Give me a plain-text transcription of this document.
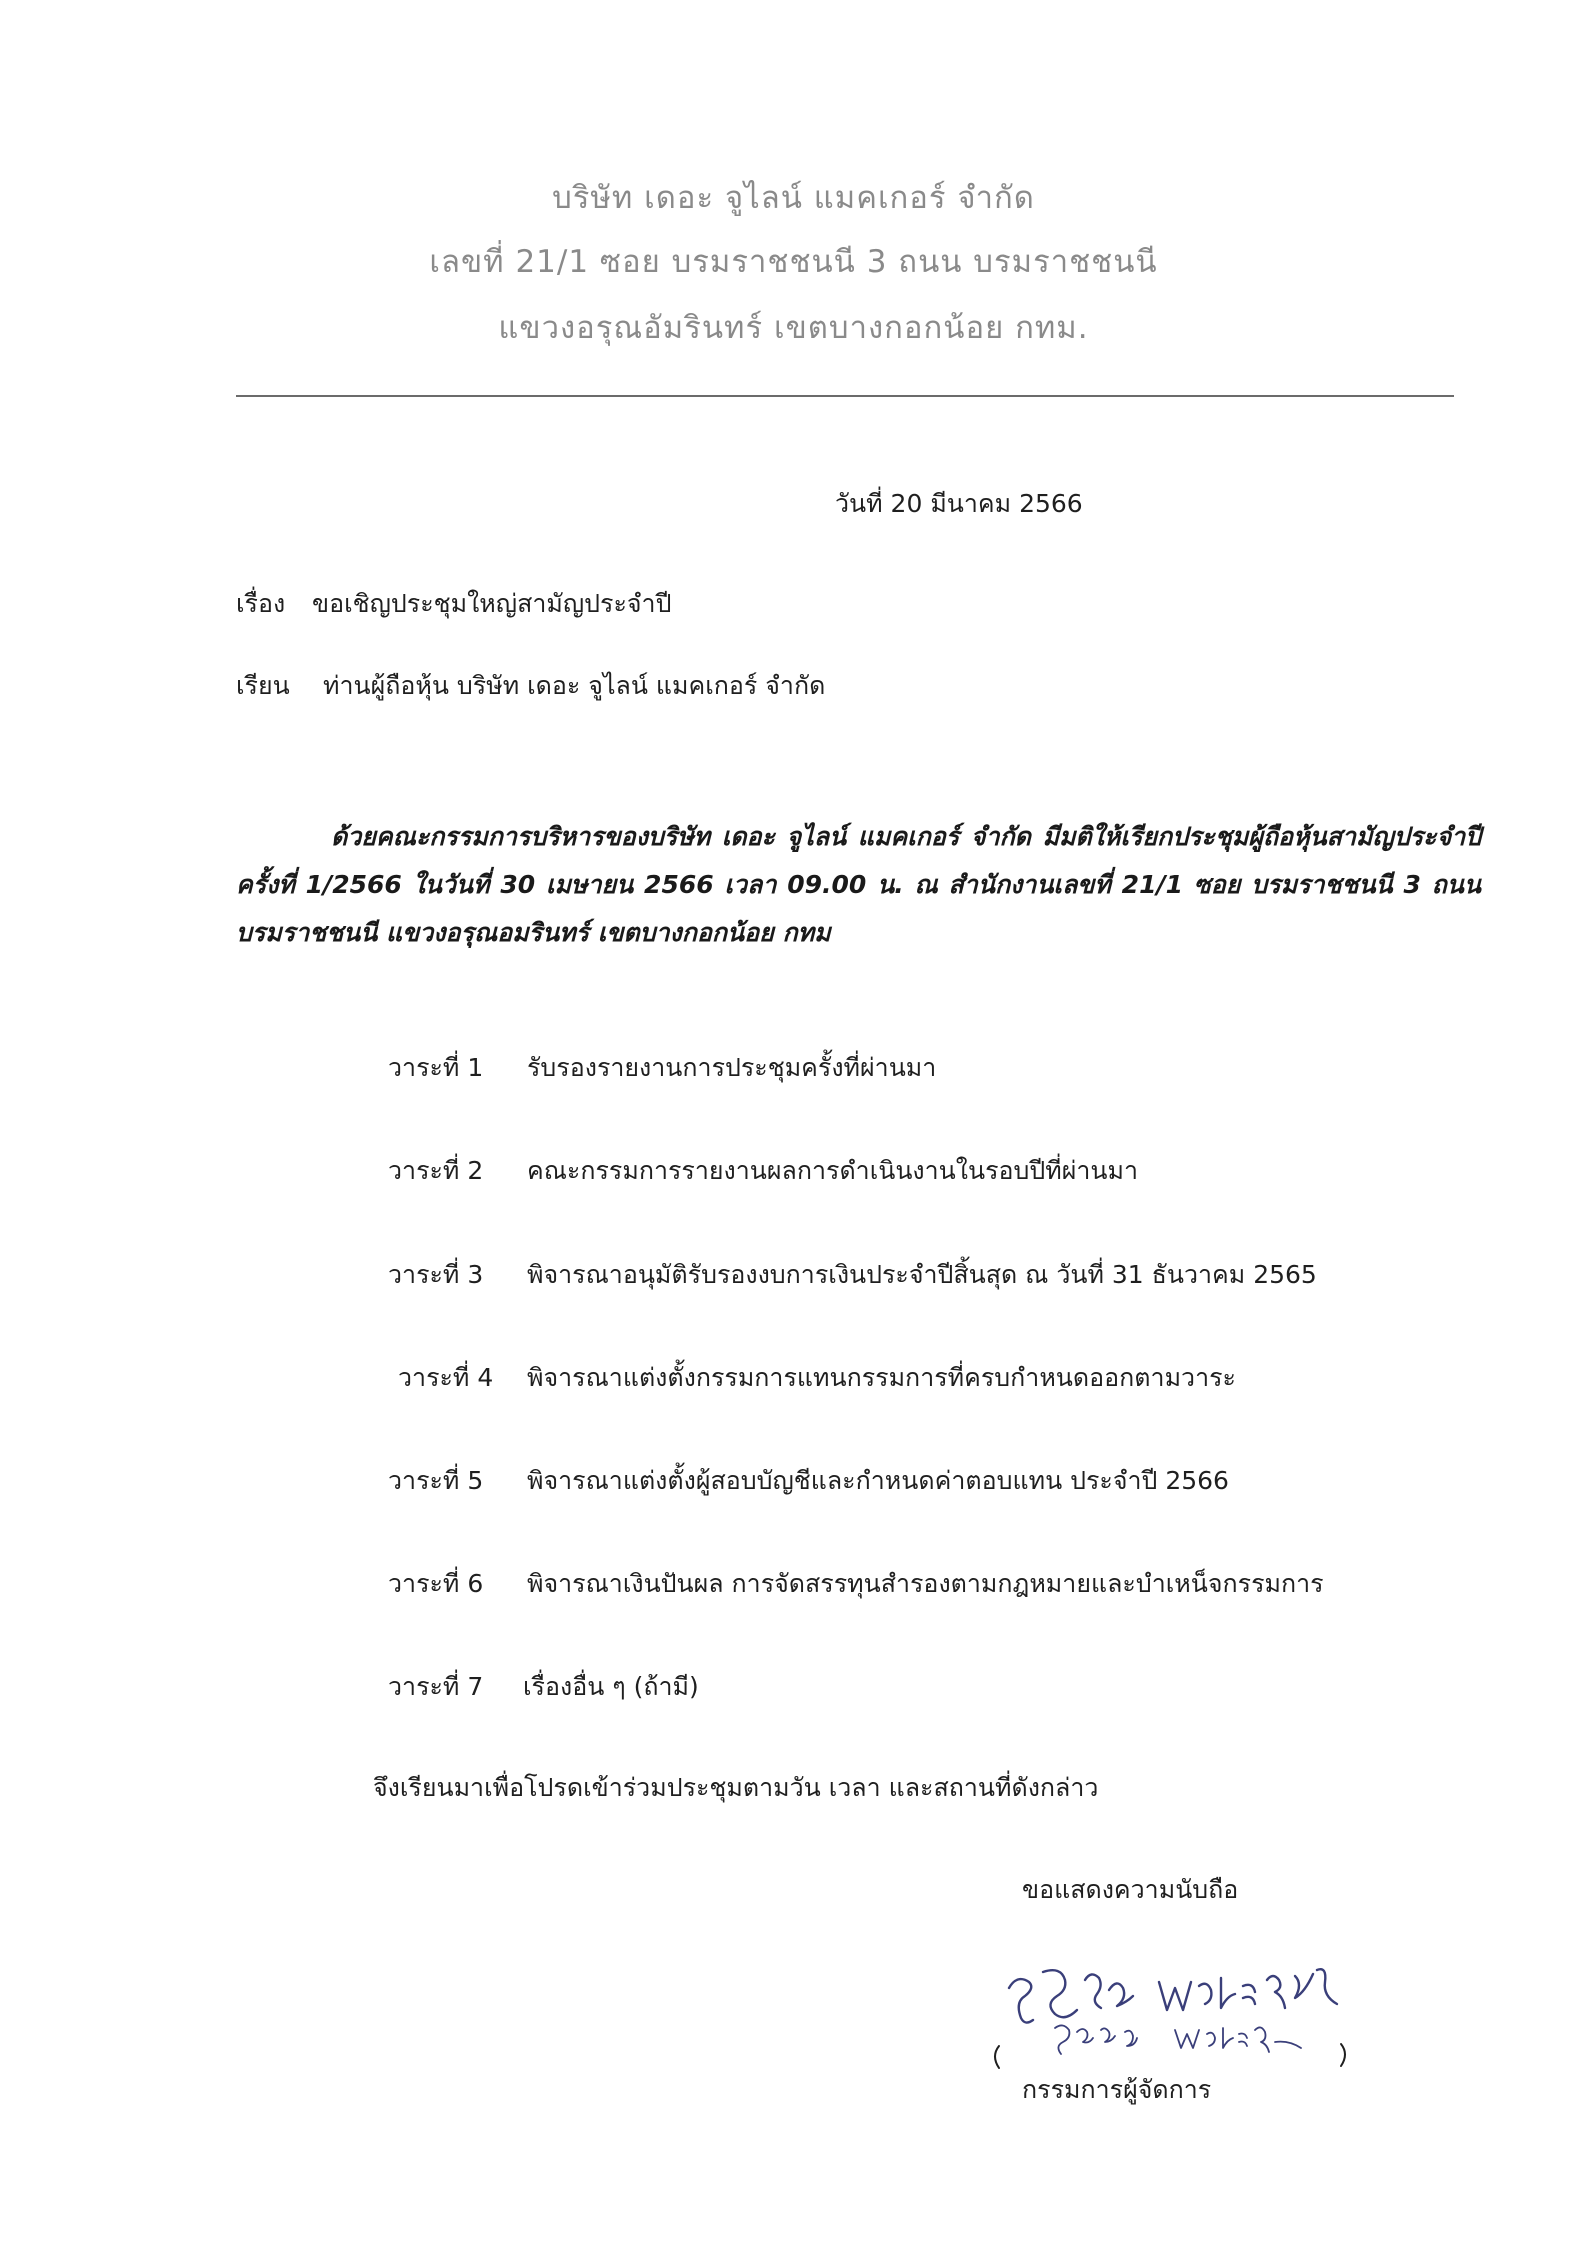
บริษัท เดอะ จูไลน์ แมคเกอร์ จำกัด
เลขที่ 21/1 ซอย บรมราชชนนี 3 ถนน บรมราชชนนี
แขวงอรุณอัมรินทร์ เขตบางกอกน้อย กทม.
วันที่ 20 มีนาคม 2566
เรื่อง ขอเชิญประชุมใหญ่สามัญประจำปี
เรียน ท่านผู้ถือหุ้น บริษัท เดอะ จูไลน์ แมคเกอร์ จำกัด
ด้วยคณะกรรมการบริหารของบริษัท เดอะ จูไลน์ แมคเกอร์ จำกัด มีมติให้เรียกประชุมผู้ถือหุ้นสามัญประจำปี ครั้งที่ 1/2566 ในวันที่ 30 เมษายน 2566 เวลา 09.00 น. ณ สำนักงานเลขที่ 21/1 ซอย บรมราชชนนี 3 ถนนบรมราชชนนี แขวงอรุณอมรินทร์ เขตบางกอกน้อย กทม
วาระที่ 1 รับรองรายงานการประชุมครั้งที่ผ่านมา
วาระที่ 2 คณะกรรมการรายงานผลการดำเนินงานในรอบปีที่ผ่านมา
วาระที่ 3 พิจารณาอนุมัติรับรองงบการเงินประจำปีสิ้นสุด ณ วันที่ 31 ธันวาคม 2565
วาระที่ 4 พิจารณาแต่งตั้งกรรมการแทนกรรมการที่ครบกำหนดออกตามวาระ
วาระที่ 5 พิจารณาแต่งตั้งผู้สอบบัญชีและกำหนดค่าตอบแทน ประจำปี 2566
วาระที่ 6 พิจารณาเงินปันผล การจัดสรรทุนสำรองตามกฎหมายและบำเหน็จกรรมการ
วาระที่ 7 เรื่องอื่น ๆ (ถ้ามี)
จึงเรียนมาเพื่อโปรดเข้าร่วมประชุมตามวัน เวลา และสถานที่ดังกล่าว
ขอแสดงความนับถือ
กรรมการผู้จัดการ
